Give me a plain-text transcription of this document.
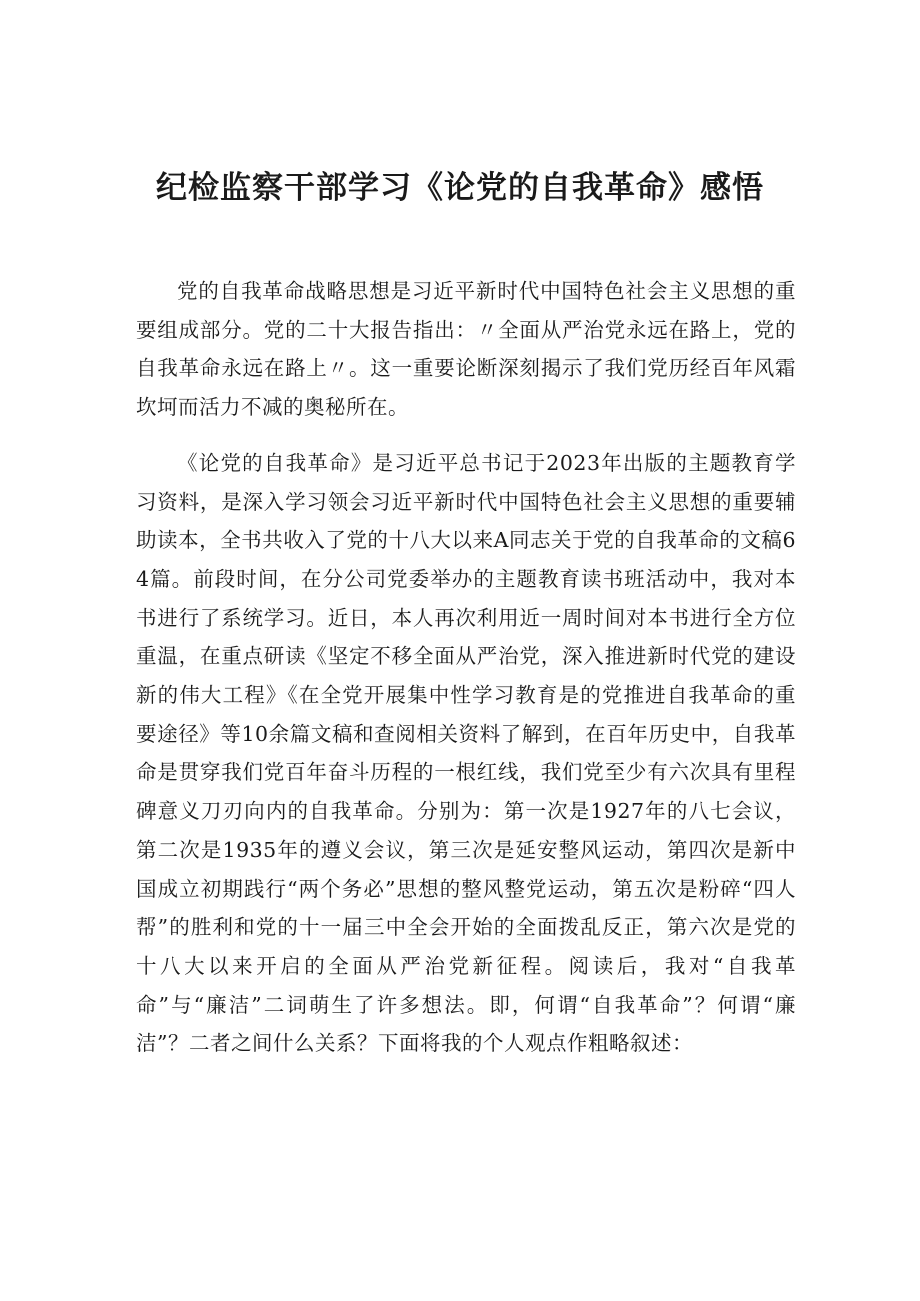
纪检监察干部学习《论党的自我革命》感悟

党的自我革命战略思想是习近平新时代中国特色社会主义思想的重要组成部分。党的二十大报告指出：〃全面从严治党永远在路上，党的自我革命永远在路上〃。这一重要论断深刻揭示了我们党历经百年风霜坎坷而活力不减的奥秘所在。

《论党的自我革命》是习近平总书记于2023年出版的主题教育学习资料，是深入学习领会习近平新时代中国特色社会主义思想的重要辅助读本，全书共收入了党的十八大以来A同志关于党的自我革命的文稿64篇。前段时间，在分公司党委举办的主题教育读书班活动中，我对本书进行了系统学习。近日，本人再次利用近一周时间对本书进行全方位重温，在重点研读《坚定不移全面从严治党，深入推进新时代党的建设新的伟大工程》《在全党开展集中性学习教育是的党推进自我革命的重要途径》等10余篇文稿和查阅相关资料了解到，在百年历史中，自我革命是贯穿我们党百年奋斗历程的一根红线，我们党至少有六次具有里程碑意义刀刃向内的自我革命。分别为：第一次是1927年的八七会议，第二次是1935年的遵义会议，第三次是延安整风运动，第四次是新中国成立初期践行“两个务必”思想的整风整党运动，第五次是粉碎“四人帮”的胜利和党的十一届三中全会开始的全面拨乱反正，第六次是党的十八大以来开启的全面从严治党新征程。阅读后，我对“自我革命”与“廉洁”二词萌生了许多想法。即，何谓“自我革命”？何谓“廉洁”？二者之间什么关系？下面将我的个人观点作粗略叙述：
